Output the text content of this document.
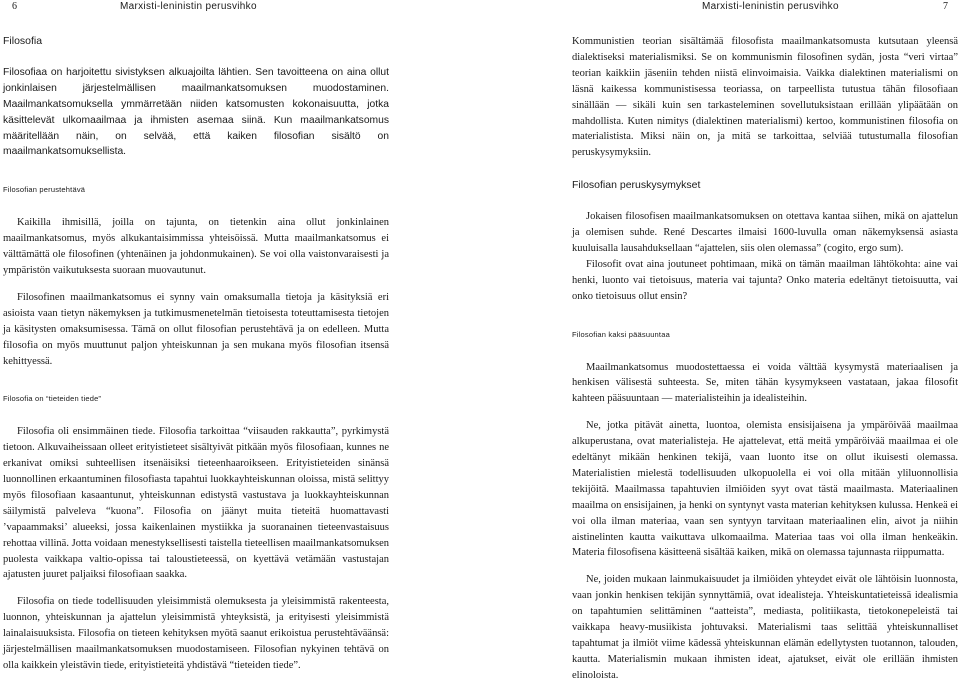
6	Marxisti-leninistin perusvihko	Marxisti-leninistin perusvihko	7
Filosofia

Filosofiaa on harjoitettu sivistyksen alkuajoilta lähtien. Sen tavoitteena on aina ollut jonkinlaisen järjestelmällisen maailmankatsomuksen muodostaminen. Maailmankatsomuksella ymmärretään niiden katsomusten kokonaisuutta, jotka käsittelevät ulkomaailmaa ja ihmisten asemaa siinä. Kun maailmankatsomus määritellään näin, on selvää, että kaiken filosofian sisältö on maailmankatsomuksellista.

Filosofian perustehtävä

Kaikilla ihmisillä, joilla on tajunta, on tietenkin aina ollut jonkinlainen maailmankatsomus, myös alkukantaisimmissa yhteisöissä. Mutta maailmankatsomus ei välttämättä ole filosofinen (yhtenäinen ja johdonmukainen). Se voi olla vaistonvaraisesti ja ympäristön vaikutuksesta suoraan muovautunut.

Filosofinen maailmankatsomus ei synny vain omaksumalla tietoja ja käsityksiä eri asioista vaan tietyn näkemyksen ja tutkimusmenetelmän tietoisesta toteuttamisesta tietojen ja käsitysten omaksumisessa. Tämä on ollut filosofian perustehtävä ja on edelleen. Mutta filosofia on myös muuttunut paljon yhteiskunnan ja sen mukana myös filosofian itsensä kehittyessä.

Filosofia on “tieteiden tiede”

Filosofia oli ensimmäinen tiede. Filosofia tarkoittaa “viisauden rakkautta”, pyrkimystä tietoon. Alkuvaiheissaan olleet erityistieteet sisältyivät pitkään myös filosofiaan, kunnes ne erkanivat omiksi suhteellisen itsenäisiksi tieteenhaaroikseen. Erityistieteiden sinänsä luonnollinen erkaantuminen filosofiasta tapahtui luokkayhteiskunnan oloissa, mistä selittyy myös filosofiaan kasaantunut, yhteiskunnan edistystä vastustava ja luokkayhteiskunnan säilymistä palveleva “kuona”. Filosofia on jäänyt muita tieteitä huomattavasti ’vapaammaksi’ alueeksi, jossa kaikenlainen mystiikka ja suoranainen tieteenvastaisuus rehottaa villinä. Jotta voidaan menestyksellisesti taistella tieteellisen maailmankatsomuksen puolesta vaikkapa valtio-opissa tai taloustieteessä, on kyettävä vetämään vastustajan ajatusten juuret paljaiksi filosofiaan saakka.

Filosofia on tiede todellisuuden yleisimmistä olemuksesta ja yleisimmistä rakenteesta, luonnon, yhteiskunnan ja ajattelun yleisimmistä yhteyksistä, ja erityisesti yleisimmistä lainalaisuuksista. Filosofia on tieteen kehityksen myötä saanut erikoistua perustehtäväänsä: järjestelmällisen maailmankatsomuksen muodostamiseen. Filosofian nykyinen tehtävä on olla kaikkein yleistävin tiede, erityistieteitä yhdistävä “tieteiden tiede”.

Kommunistien teorian sisältämää filosofista maailmankatsomusta kutsutaan yleensä dialektiseksi materialismiksi. Se on kommunismin filosofinen sydän, josta “veri virtaa” teorian kaikkiin jäseniin tehden niistä elinvoimaisia. Vaikka dialektinen materialismi on läsnä kaikessa kommunistisessa teoriassa, on tarpeellista tutustua tähän filosofiaan sinällään — sikäli kuin sen tarkasteleminen sovellutuksistaan erillään ylipäätään on mahdollista. Kuten nimitys (dialektinen materialismi) kertoo, kommunistinen filosofia on materialistista. Miksi näin on, ja mitä se tarkoittaa, selviää tutustumalla filosofian peruskysymyksiin.

Filosofian peruskysymykset

Jokaisen filosofisen maailmankatsomuksen on otettava kantaa siihen, mikä on ajattelun ja olemisen suhde. René Descartes ilmaisi 1600-luvulla oman näkemyksensä asiasta kuuluisalla lausahduksellaan “ajattelen, siis olen olemassa” (cogito, ergo sum).

Filosofit ovat aina joutuneet pohtimaan, mikä on tämän maailman lähtökohta: aine vai henki, luonto vai tietoisuus, materia vai tajunta? Onko materia edeltänyt tietoisuutta, vai onko tietoisuus ollut ensin?

Filosofian kaksi pääsuuntaa

Maailmankatsomus muodostettaessa ei voida välttää kysymystä materiaalisen ja henkisen välisestä suhteesta. Se, miten tähän kysymykseen vastataan, jakaa filosofit kahteen pääsuuntaan — materialisteihin ja idealisteihin.

Ne, jotka pitävät ainetta, luontoa, olemista ensisijaisena ja ympäröivää maailmaa alkuperustana, ovat materialisteja. He ajattelevat, että meitä ympäröivää maailmaa ei ole edeltänyt mikään henkinen tekijä, vaan luonto itse on ollut ikuisesti olemassa. Materialistien mielestä todellisuuden ulkopuolella ei voi olla mitään yliluonnollisia tekijöitä. Maailmassa tapahtuvien ilmiöiden syyt ovat tästä maailmasta. Materiaalinen maailma on ensisijainen, ja henki on syntynyt vasta materian kehityksen kulussa. Henkeä ei voi olla ilman materiaa, vaan sen syntyyn tarvitaan materiaalinen elin, aivot ja niihin aistinelinten kautta vaikuttava ulkomaailma. Materiaa taas voi olla ilman henkeäkin. Materia filosofisena käsitteenä sisältää kaiken, mikä on olemassa tajunnasta riippumatta.

Ne, joiden mukaan lainmukaisuudet ja ilmiöiden yhteydet eivät ole lähtöisin luonnosta, vaan jonkin henkisen tekijän synnyttämiä, ovat idealisteja. Yhteiskuntatieteissä idealismia on tapahtumien selittäminen “aatteista”, mediasta, politiikasta, tietokonepeleistä tai vaikkapa heavy-musiikista johtuvaksi. Materialismi taas selittää yhteiskunnalliset tapahtumat ja ilmiöt viime kädessä yhteiskunnan elämän edellytysten tuotannon, talouden, kautta. Materialismin mukaan ihmisten ideat, ajatukset, eivät ole erillään ihmisten elinoloista.
